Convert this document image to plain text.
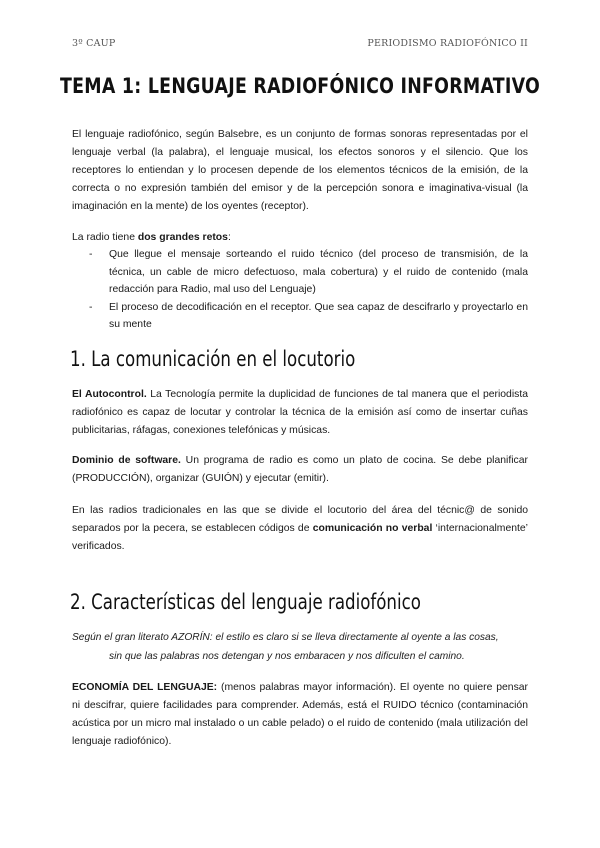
3º CAUP	PERIODISMO RADIOFÓNICO II
TEMA 1: LENGUAJE RADIOFÓNICO INFORMATIVO

El lenguaje radiofónico, según Balsebre, es un conjunto de formas sonoras representadas por el lenguaje verbal (la palabra), el lenguaje musical, los efectos sonoros y el silencio. Que los receptores lo entiendan y lo procesen depende de los elementos técnicos de la emisión, de la correcta o no expresión también del emisor y de la percepción sonora e imaginativa-visual (la imaginación en la mente) de los oyentes (receptor).

La radio tiene dos grandes retos:

- Que llegue el mensaje sorteando el ruido técnico (del proceso de transmisión, de la técnica, un cable de micro defectuoso, mala cobertura) y el ruido de contenido (mala redacción para Radio, mal uso del Lenguaje)
- El proceso de decodificación en el receptor. Que sea capaz de descifrarlo y proyectarlo en su mente
1. La comunicación en el locutorio

El Autocontrol. La Tecnología permite la duplicidad de funciones de tal manera que el periodista radiofónico es capaz de locutar y controlar la técnica de la emisión así como de insertar cuñas publicitarias, ráfagas, conexiones telefónicas y músicas.

Dominio de software. Un programa de radio es como un plato de cocina. Se debe planificar (PRODUCCIÓN), organizar (GUIÓN) y ejecutar (emitir).

En las radios tradicionales en las que se divide el locutorio del área del técnic@ de sonido separados por la pecera, se establecen códigos de comunicación no verbal ‘internacionalmente’ verificados.

2. Características del lenguaje radiofónico

Según el gran literato AZORÍN: el estilo es claro si se lleva directamente al oyente a las cosas,
sin que las palabras nos detengan y nos embaracen y nos dificulten el camino.

ECONOMÍA DEL LENGUAJE: (menos palabras mayor información). El oyente no quiere pensar ni descifrar, quiere facilidades para comprender. Además, está el RUIDO técnico (contaminación acústica por un micro mal instalado o un cable pelado) o el ruido de contenido (mala utilización del lenguaje radiofónico).
